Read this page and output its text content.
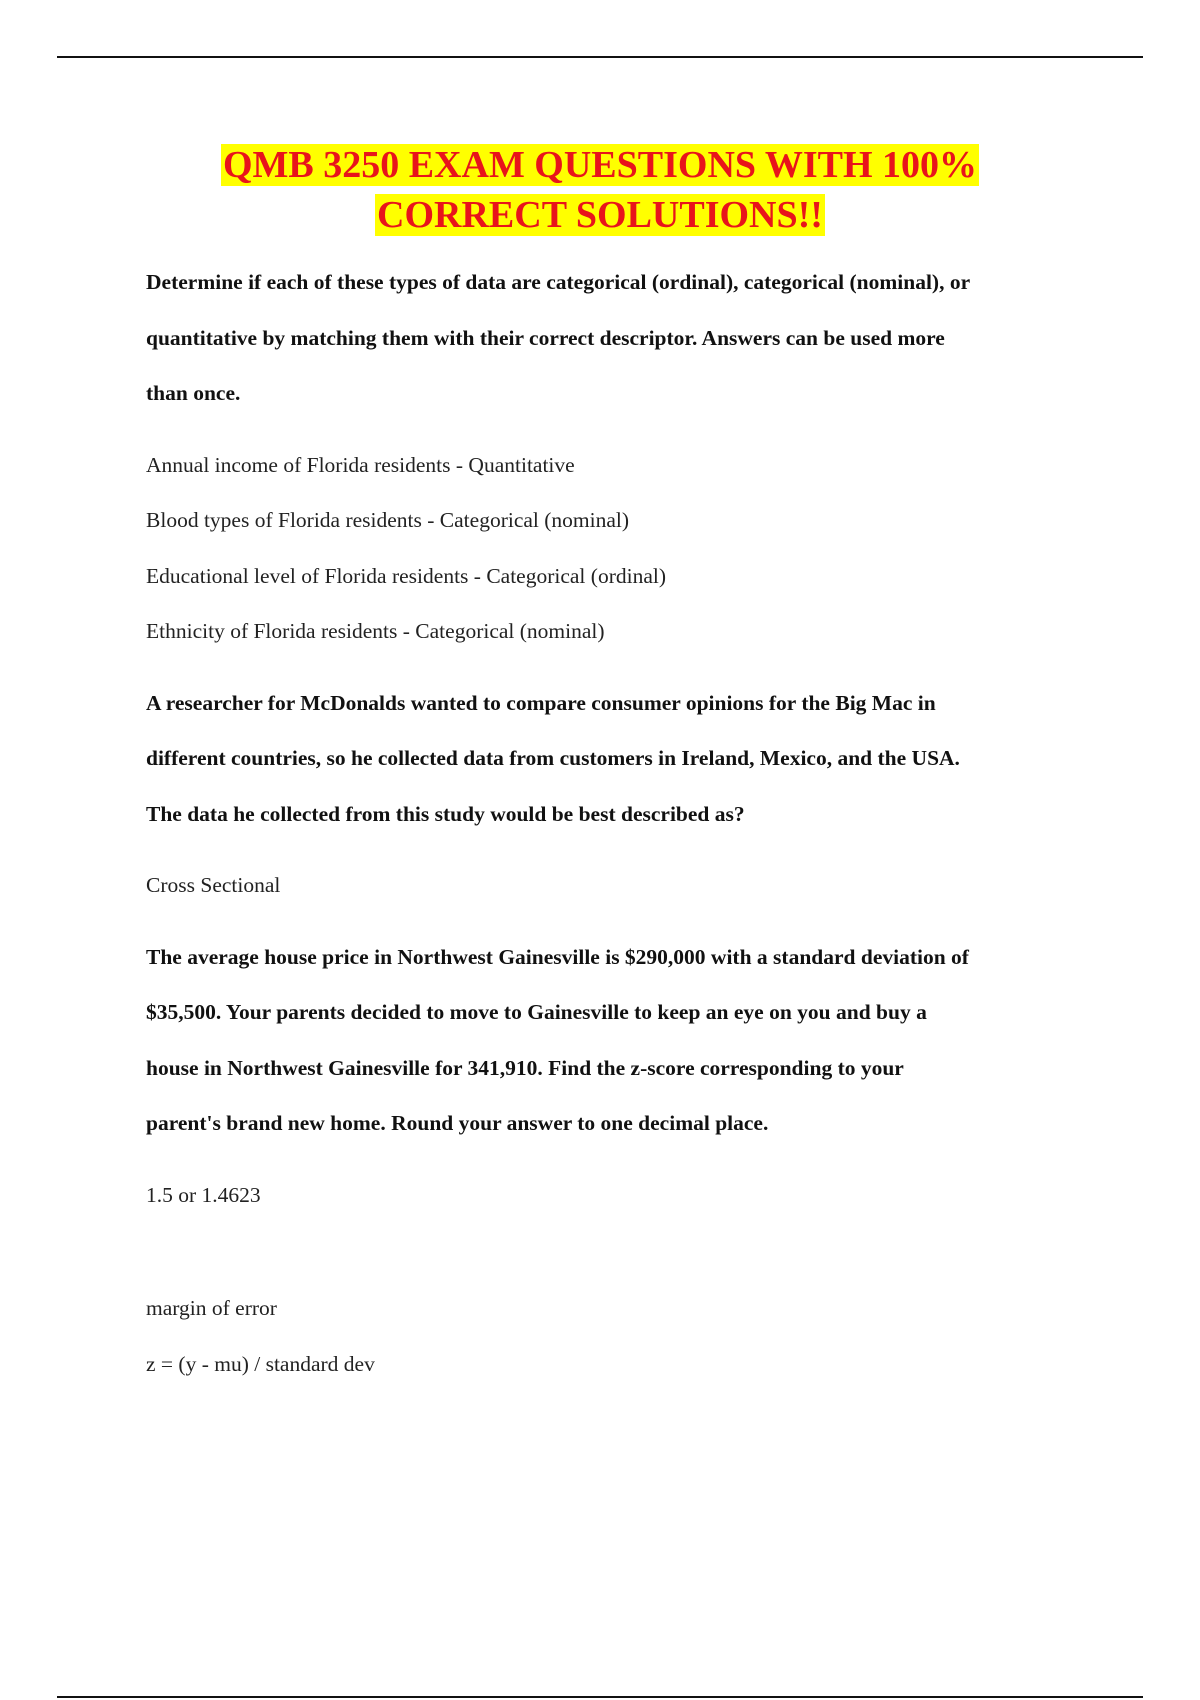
QMB 3250 EXAM QUESTIONS WITH 100%
CORRECT SOLUTIONS!!

Determine if each of these types of data are categorical (ordinal), categorical (nominal), or

quantitative by matching them with their correct descriptor. Answers can be used more

than once.

Annual income of Florida residents - Quantitative

Blood types of Florida residents - Categorical (nominal)

Educational level of Florida residents - Categorical (ordinal)

Ethnicity of Florida residents - Categorical (nominal)

A researcher for McDonalds wanted to compare consumer opinions for the Big Mac in

different countries, so he collected data from customers in Ireland, Mexico, and the USA.

The data he collected from this study would be best described as?

Cross Sectional

The average house price in Northwest Gainesville is $290,000 with a standard deviation of

$35,500. Your parents decided to move to Gainesville to keep an eye on you and buy a

house in Northwest Gainesville for 341,910. Find the z-score corresponding to your

parent's brand new home. Round your answer to one decimal place.

1.5 or 1.4623

margin of error

z = (y - mu) / standard dev
